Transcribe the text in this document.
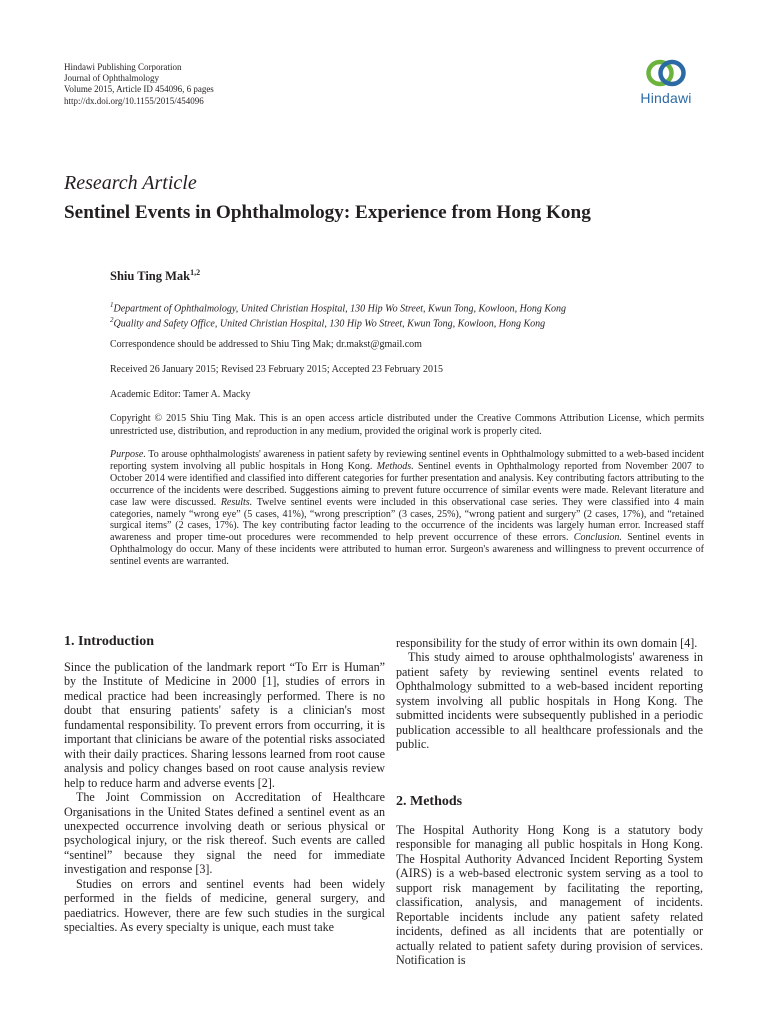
Hindawi Publishing Corporation
Journal of Ophthalmology
Volume 2015, Article ID 454096, 6 pages
http://dx.doi.org/10.1155/2015/454096	Hindawi
Research Article
Sentinel Events in Ophthalmology: Experience from Hong Kong
Shiu Ting Mak$^{1,2}$
$^1$Department of Ophthalmology, United Christian Hospital, 130 Hip Wo Street, Kwun Tong, Kowloon, Hong Kong
$^2$Quality and Safety Office, United Christian Hospital, 130 Hip Wo Street, Kwun Tong, Kowloon, Hong Kong
Correspondence should be addressed to Shiu Ting Mak; dr.makst@gmail.com
Received 26 January 2015; Revised 23 February 2015; Accepted 23 February 2015
Academic Editor: Tamer A. Macky
Copyright © 2015 Shiu Ting Mak. This is an open access article distributed under the Creative Commons Attribution License, which permits unrestricted use, distribution, and reproduction in any medium, provided the original work is properly cited.
Purpose. To arouse ophthalmologists' awareness in patient safety by reviewing sentinel events in Ophthalmology submitted to a web-based incident reporting system involving all public hospitals in Hong Kong. Methods. Sentinel events in Ophthalmology reported from November 2007 to October 2014 were identified and classified into different categories for further presentation and analysis. Key contributing factors attributing to the occurrence of the incidents were described. Suggestions aiming to prevent future occurrence of similar events were made. Relevant literature and case law were discussed. Results. Twelve sentinel events were included in this observational case series. They were classified into 4 main categories, namely “wrong eye” (5 cases, 41%), “wrong prescription” (3 cases, 25%), “wrong patient and surgery” (2 cases, 17%), and “retained surgical items” (2 cases, 17%). The key contributing factor leading to the occurrence of the incidents was largely human error. Increased staff awareness and proper time-out procedures were recommended to help prevent occurrence of these errors. Conclusion. Sentinel events in Ophthalmology do occur. Many of these incidents were attributed to human error. Surgeon's awareness and willingness to prevent occurrence of sentinel events are warranted.
1. Introduction

Since the publication of the landmark report “To Err is Human” by the Institute of Medicine in 2000 [1], studies of errors in medical practice had been increasingly performed. There is no doubt that ensuring patients' safety is a clinician's most fundamental responsibility. To prevent errors from occurring, it is important that clinicians be aware of the potential risks associated with their daily practices. Sharing lessons learned from root cause analysis and policy changes based on root cause analysis review help to reduce harm and adverse events [2].

The Joint Commission on Accreditation of Healthcare Organisations in the United States defined a sentinel event as an unexpected occurrence involving death or serious physical or psychological injury, or the risk thereof. Such events are called “sentinel” because they signal the need for immediate investigation and response [3].

Studies on errors and sentinel events had been widely performed in the fields of medicine, general surgery, and paediatrics. However, there are few such studies in the surgical specialties. As every specialty is unique, each must take

responsibility for the study of error within its own domain [4].

This study aimed to arouse ophthalmologists' awareness in patient safety by reviewing sentinel events related to Ophthalmology submitted to a web-based incident reporting system involving all public hospitals in Hong Kong. The submitted incidents were subsequently published in a periodic publication accessible to all healthcare professionals and the public.

2. Methods

The Hospital Authority Hong Kong is a statutory body responsible for managing all public hospitals in Hong Kong. The Hospital Authority Advanced Incident Reporting System (AIRS) is a web-based electronic system serving as a tool to support risk management by facilitating the reporting, classification, analysis, and management of incidents. Reportable incidents include any patient safety related incidents, defined as all incidents that are potentially or actually related to patient safety during provision of services. Notification is
